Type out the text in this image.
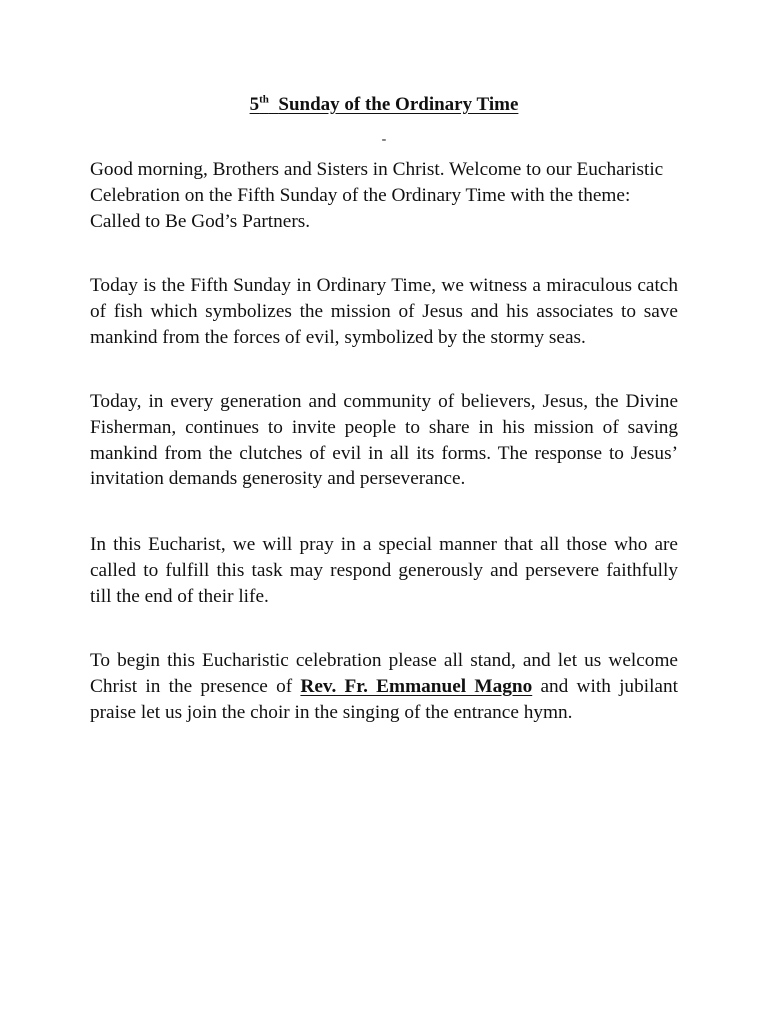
5th Sunday of the Ordinary Time
-

Good morning, Brothers and Sisters in Christ. Welcome to our Eucharistic Celebration on the Fifth Sunday of the Ordinary Time with the theme: Called to Be God’s Partners.

Today is the Fifth Sunday in Ordinary Time, we witness a miraculous catch of fish which symbolizes the mission of Jesus and his associates to save mankind from the forces of evil, symbolized by the stormy seas.

Today, in every generation and community of believers, Jesus, the Divine Fisherman, continues to invite people to share in his mission of saving mankind from the clutches of evil in all its forms. The response to Jesus’ invitation demands generosity and perseverance.

In this Eucharist, we will pray in a special manner that all those who are called to fulfill this task may respond generously and persevere faithfully till the end of their life.

To begin this Eucharistic celebration please all stand, and let us welcome Christ in the presence of Rev. Fr. Emmanuel Magno and with jubilant praise let us join the choir in the singing of the entrance hymn.
